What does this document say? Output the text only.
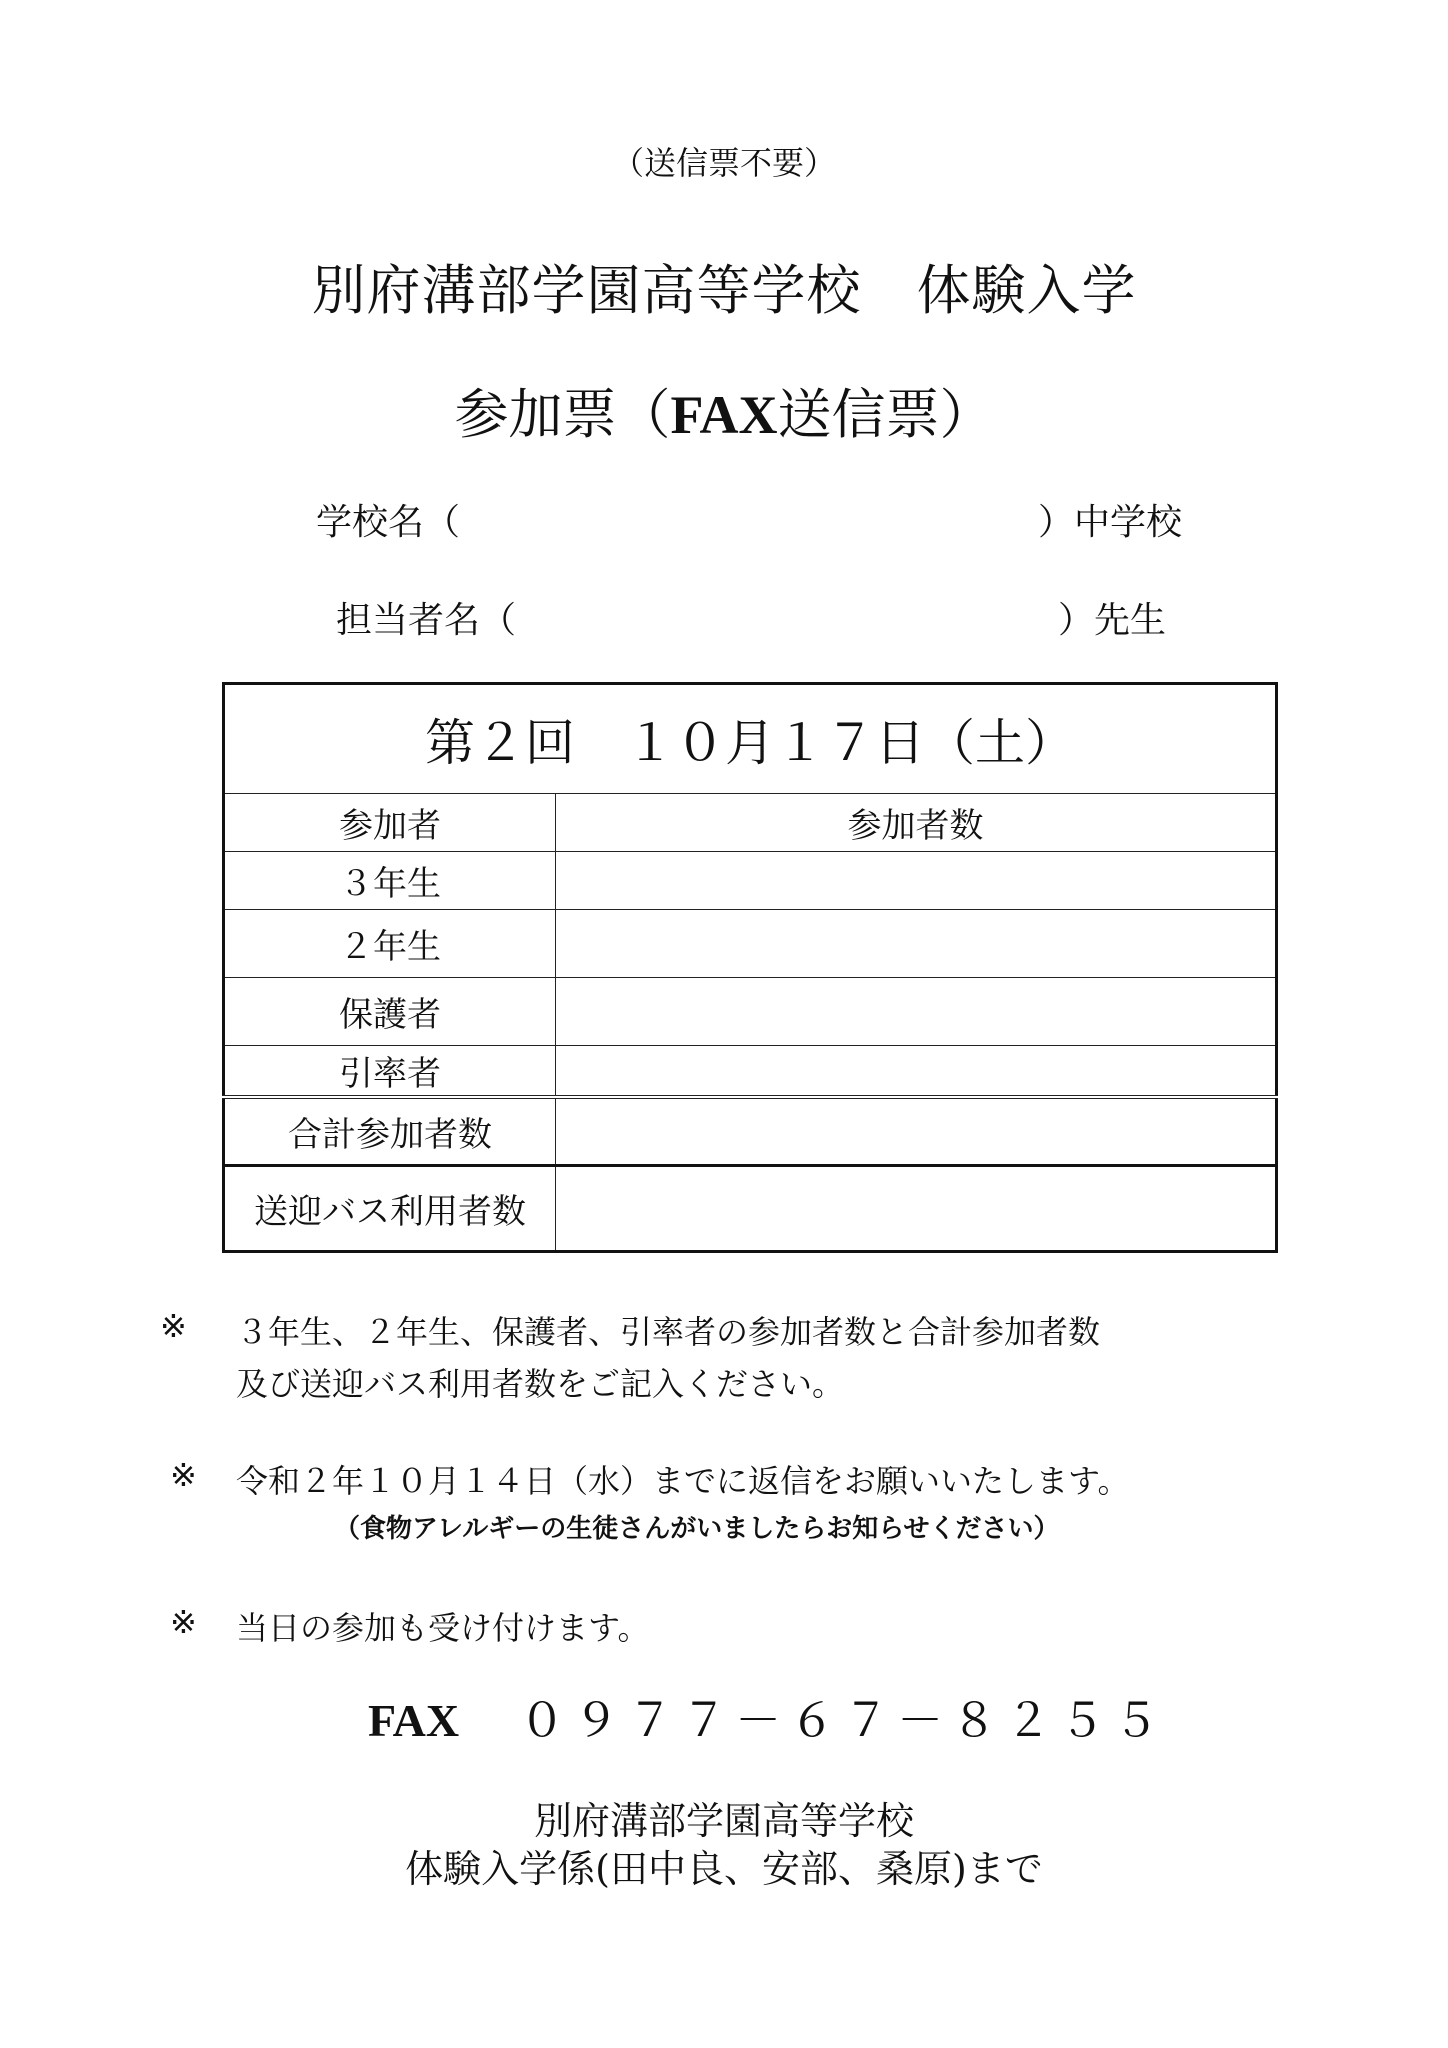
（送信票不要）
別府溝部学園高等学校　体験入学
参加票（FAX送信票）
学校名（	）中学校
担当者名（	）先生
第２回　１０月１７日（土）	
参加者	参加者数
３年生	
２年生	
保護者	
引率者	
合計参加者数	
送迎バス利用者数	
※ ３年生、２年生、保護者、引率者の参加者数と合計参加者数
及び送迎バス利用者数をご記入ください。
※ 令和２年１０月１４日（水）までに返信をお願いいたします。
（食物アレルギーの生徒さんがいましたらお知らせください）
※ 当日の参加も受け付けます。
FAX ０９７７－６７－８２５５
別府溝部学園高等学校
体験入学係(田中良、安部、桑原)まで
